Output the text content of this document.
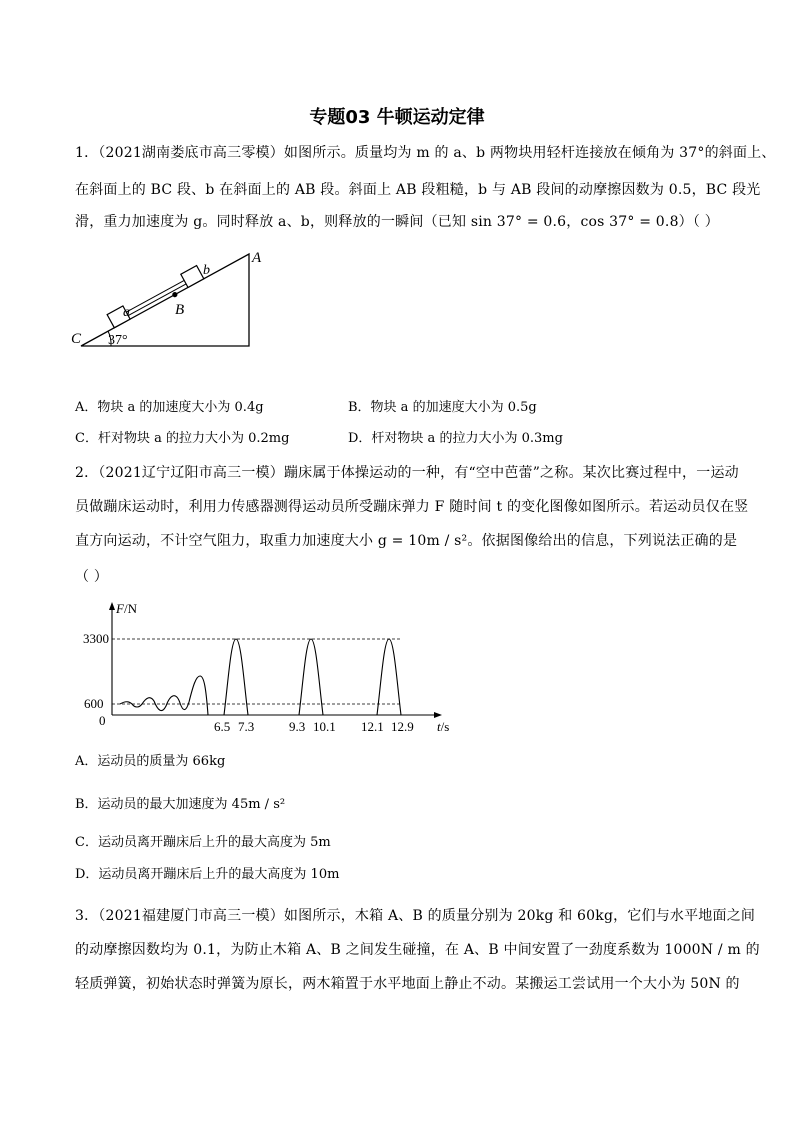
专题03 牛顿运动定律
1．（2021湖南娄底市高三零模）如图所示。质量均为 m 的 a、b 两物块用轻杆连接放在倾角为 37°的斜面上、
在斜面上的 BC 段、b 在斜面上的 AB 段。斜面上 AB 段粗糙，b 与 AB 段间的动摩擦因数为 0.5，BC 段光
滑，重力加速度为 g。同时释放 a、b，则释放的一瞬间（已知 sin 37° = 0.6，cos 37° = 0.8）（ ）
a
b
B
A
C 37°
A．物块 a 的加速度大小为 0.4g	B．物块 a 的加速度大小为 0.5g
C．杆对物块 a 的拉力大小为 0.2mg	D．杆对物块 a 的拉力大小为 0.3mg
2．（2021辽宁辽阳市高三一模）蹦床属于体操运动的一种，有“空中芭蕾”之称。某次比赛过程中，一运动
员做蹦床运动时，利用力传感器测得运动员所受蹦床弹力 F 随时间 t 的变化图像如图所示。若运动员仅在竖
直方向运动，不计空气阻力，取重力加速度大小 g = 10m / s²。依据图像给出的信息，下列说法正确的是
（ ）
F/N
3300
600
0	6.5 7.3	9.3 10.1 12.1 12.9 t/s
A．运动员的质量为 66kg
B．运动员的最大加速度为 45m / s²
C．运动员离开蹦床后上升的最大高度为 5m
D．运动员离开蹦床后上升的最大高度为 10m
3．（2021福建厦门市高三一模）如图所示，木箱 A、B 的质量分别为 20kg 和 60kg，它们与水平地面之间
的动摩擦因数均为 0.1，为防止木箱 A、B 之间发生碰撞，在 A、B 中间安置了一劲度系数为 1000N / m 的
轻质弹簧，初始状态时弹簧为原长，两木箱置于水平地面上静止不动。某搬运工尝试用一个大小为 50N 的
